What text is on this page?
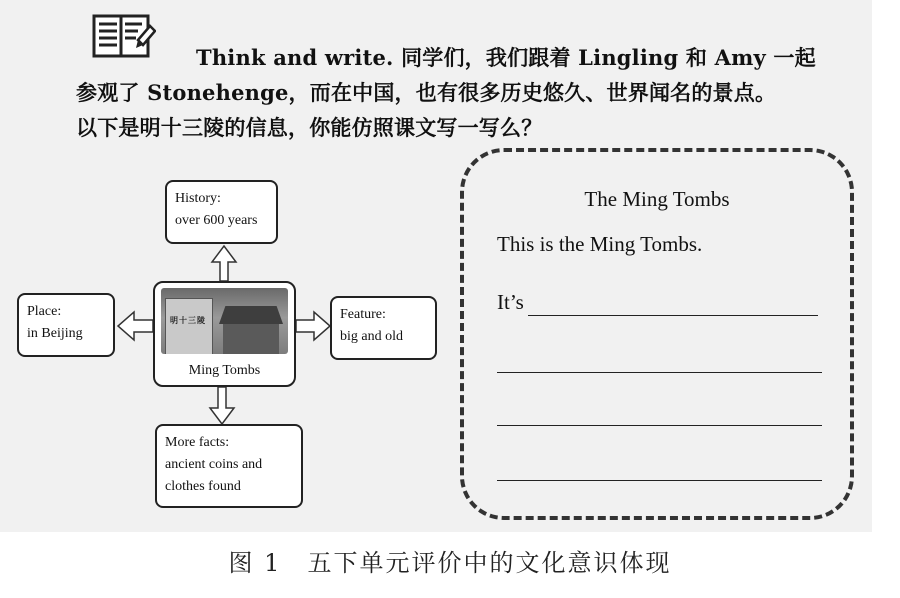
Think and write. 同学们，我们跟着 Lingling 和 Amy 一起
参观了 Stonehenge，而在中国，也有很多历史悠久、世界闻名的景点。
以下是明十三陵的信息，你能仿照课文写一写么？
History:
over 600 years
Place:
in Beijing
Feature:
big and old
More facts:
ancient coins and
clothes found
明十三陵
Ming Tombs
The Ming Tombs
This is the Ming Tombs.
It’s
图 1　五下单元评价中的文化意识体现
